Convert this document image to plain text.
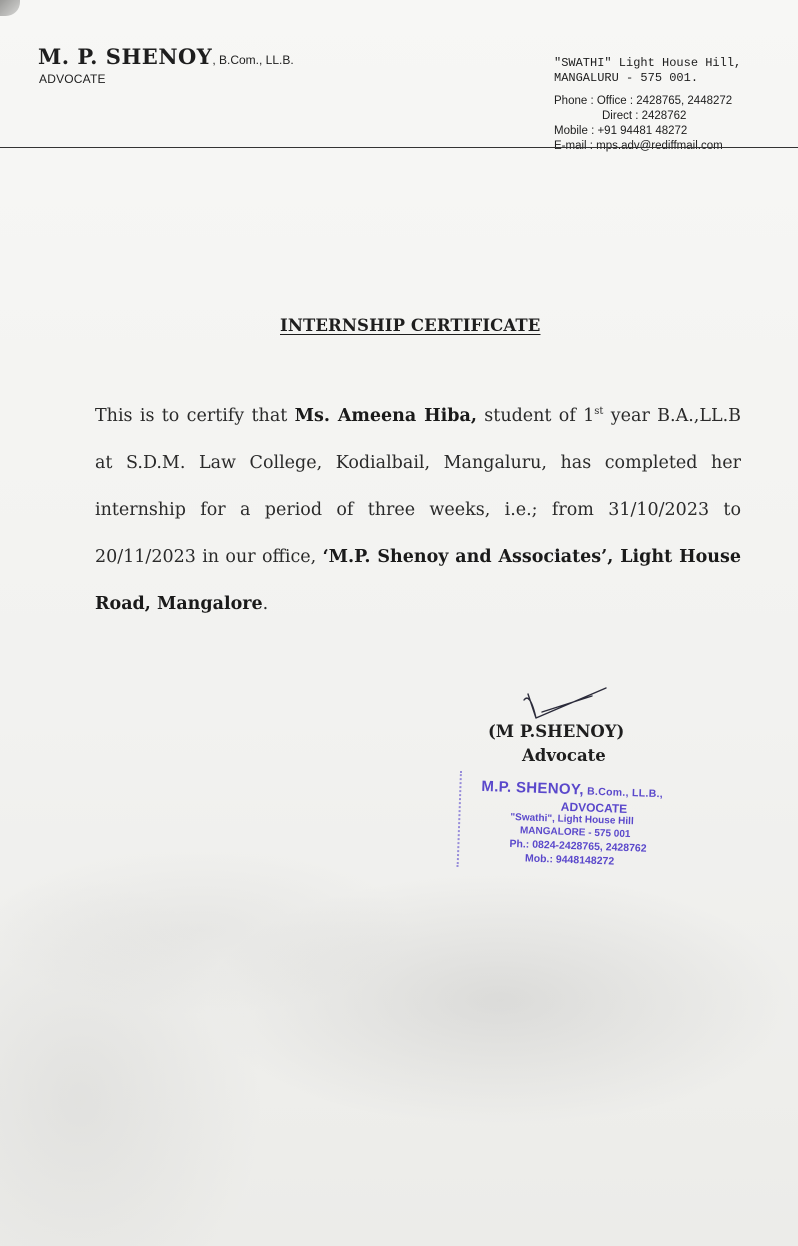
M. P. SHENOY, B.Com., LL.B.
ADVOCATE
"SWATHI" Light House Hill,
MANGALURU - 575 001.
Phone : Office : 2428765, 2448272
Direct : 2428762
Mobile : +91 94481 48272
E-mail : mps.adv@rediffmail.com
INTERNSHIP CERTIFICATE
This is to certify that Ms. Ameena Hiba, student of 1st year B.A.,LL.B at S.D.M. Law College, Kodialbail, Mangaluru, has completed her internship for a period of three weeks, i.e.; from 31/10/2023 to 20/11/2023 in our office, ‘M.P. Shenoy and Associates’, Light House Road, Mangalore.
(M P.SHENOY)
Advocate
M.P. SHENOY, B.Com., LL.B.,
ADVOCATE
"Swathi", Light House Hill
MANGALORE - 575 001
Ph.: 0824-2428765, 2428762
Mob.: 9448148272
